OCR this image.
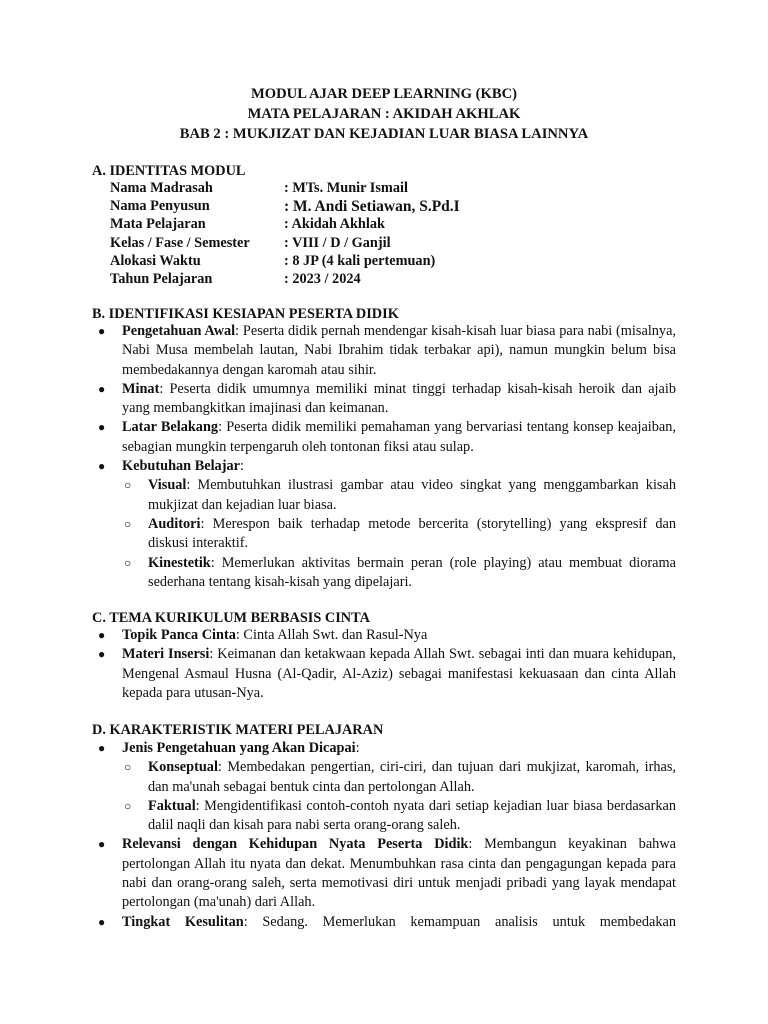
MODUL AJAR DEEP LEARNING (KBC)
MATA PELAJARAN : AKIDAH AKHLAK
BAB 2 : MUKJIZAT DAN KEJADIAN LUAR BIASA LAINNYA
A. IDENTITAS MODUL
Nama Madrasah	: MTs. Munir Ismail
Nama Penyusun	: M. Andi Setiawan, S.Pd.I
Mata Pelajaran	: Akidah Akhlak
Kelas / Fase / Semester : VIII / D / Ganjil
Alokasi Waktu	: 8 JP (4 kali pertemuan)
Tahun Pelajaran	: 2023 / 2024
B. IDENTIFIKASI KESIAPAN PESERTA DIDIK
● Pengetahuan Awal: Peserta didik pernah mendengar kisah-kisah luar biasa para nabi (misalnya, Nabi Musa membelah lautan, Nabi Ibrahim tidak terbakar api), namun mungkin belum bisa membedakannya dengan karomah atau sihir.
● Minat: Peserta didik umumnya memiliki minat tinggi terhadap kisah-kisah heroik dan ajaib yang membangkitkan imajinasi dan keimanan.
● Latar Belakang: Peserta didik memiliki pemahaman yang bervariasi tentang konsep keajaiban, sebagian mungkin terpengaruh oleh tontonan fiksi atau sulap.
● Kebutuhan Belajar:
○ Visual: Membutuhkan ilustrasi gambar atau video singkat yang menggambarkan kisah mukjizat dan kejadian luar biasa.
○ Auditori: Merespon baik terhadap metode bercerita (storytelling) yang ekspresif dan diskusi interaktif.
○ Kinestetik: Memerlukan aktivitas bermain peran (role playing) atau membuat diorama sederhana tentang kisah-kisah yang dipelajari.
C. TEMA KURIKULUM BERBASIS CINTA
● Topik Panca Cinta: Cinta Allah Swt. dan Rasul-Nya
● Materi Insersi: Keimanan dan ketakwaan kepada Allah Swt. sebagai inti dan muara kehidupan, Mengenal Asmaul Husna (Al-Qadir, Al-Aziz) sebagai manifestasi kekuasaan dan cinta Allah kepada para utusan-Nya.
D. KARAKTERISTIK MATERI PELAJARAN
● Jenis Pengetahuan yang Akan Dicapai:
○ Konseptual: Membedakan pengertian, ciri-ciri, dan tujuan dari mukjizat, karomah, irhas, dan ma'unah sebagai bentuk cinta dan pertolongan Allah.
○ Faktual: Mengidentifikasi contoh-contoh nyata dari setiap kejadian luar biasa berdasarkan dalil naqli dan kisah para nabi serta orang-orang saleh.
● Relevansi dengan Kehidupan Nyata Peserta Didik: Membangun keyakinan bahwa pertolongan Allah itu nyata dan dekat. Menumbuhkan rasa cinta dan pengagungan kepada para nabi dan orang-orang saleh, serta memotivasi diri untuk menjadi pribadi yang layak mendapat pertolongan (ma'unah) dari Allah.
● Tingkat Kesulitan: Sedang. Memerlukan kemampuan analisis untuk membedakan
